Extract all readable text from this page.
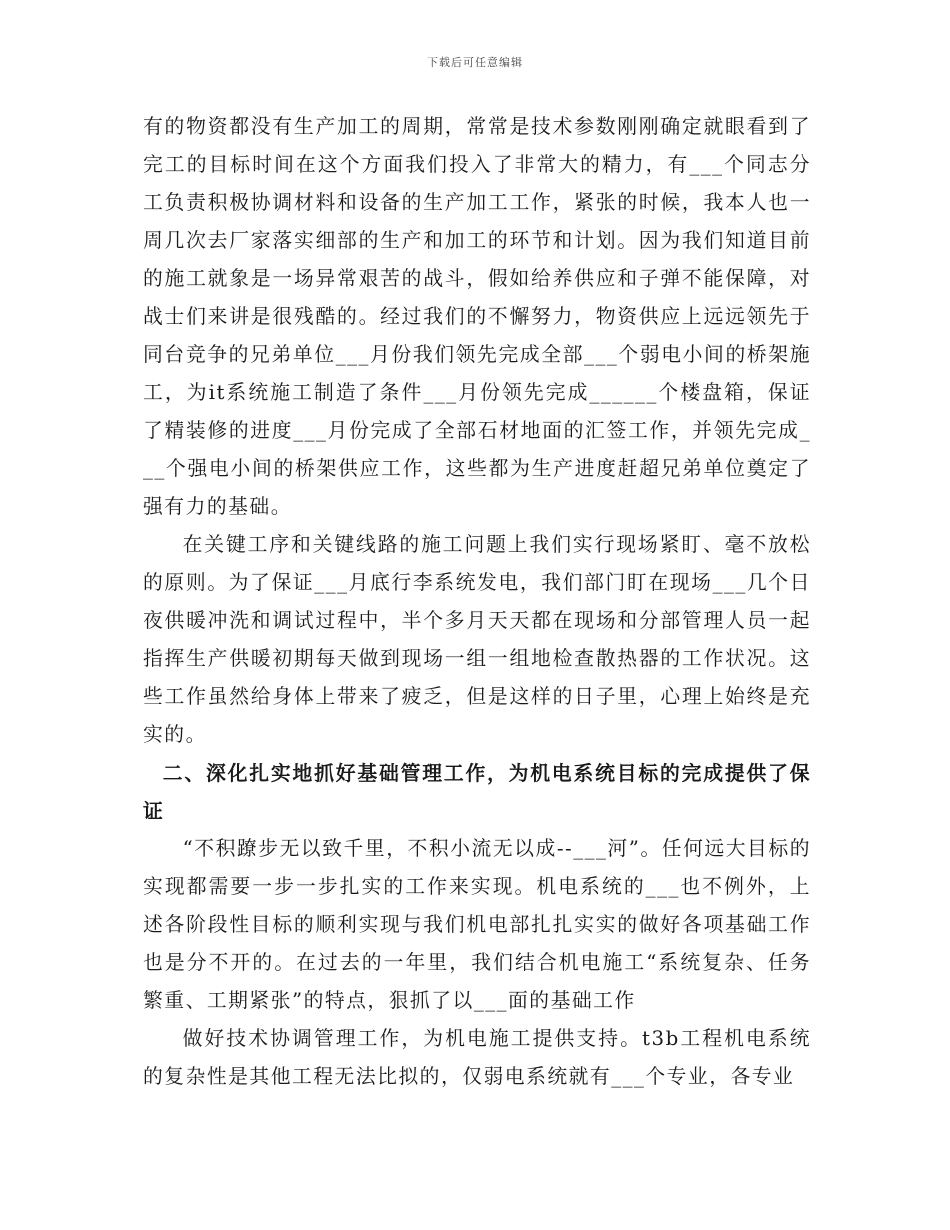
下载后可任意编辑

有的物资都没有生产加工的周期，常常是技术参数刚刚确定就眼看到了完工的目标时间在这个方面我们投入了非常大的精力，有___个同志分工负责积极协调材料和设备的生产加工工作，紧张的时候，我本人也一周几次去厂家落实细部的生产和加工的环节和计划。因为我们知道目前的施工就象是一场异常艰苦的战斗，假如给养供应和子弹不能保障，对战士们来讲是很残酷的。经过我们的不懈努力，物资供应上远远领先于同台竞争的兄弟单位___月份我们领先完成全部___个弱电小间的桥架施工，为it系统施工制造了条件___月份领先完成______个楼盘箱，保证了精装修的进度___月份完成了全部石材地面的汇签工作，并领先完成___个强电小间的桥架供应工作，这些都为生产进度赶超兄弟单位奠定了强有力的基础。

在关键工序和关键线路的施工问题上我们实行现场紧盯、毫不放松的原则。为了保证___月底行李系统发电，我们部门盯在现场___几个日夜供暖冲洗和调试过程中，半个多月天天都在现场和分部管理人员一起指挥生产供暖初期每天做到现场一组一组地检查散热器的工作状况。这些工作虽然给身体上带来了疲乏，但是这样的日子里，心理上始终是充实的。

二、深化扎实地抓好基础管理工作，为机电系统目标的完成提供了保证

“不积蹽步无以致千里，不积小流无以成--___河”。任何远大目标的实现都需要一步一步扎实的工作来实现。机电系统的___也不例外，上述各阶段性目标的顺利实现与我们机电部扎扎实实的做好各项基础工作也是分不开的。在过去的一年里，我们结合机电施工“系统复杂、任务繁重、工期紧张”的特点，狠抓了以___面的基础工作

做好技术协调管理工作，为机电施工提供支持。t3b工程机电系统的复杂性是其他工程无法比拟的，仅弱电系统就有___个专业，各专业
